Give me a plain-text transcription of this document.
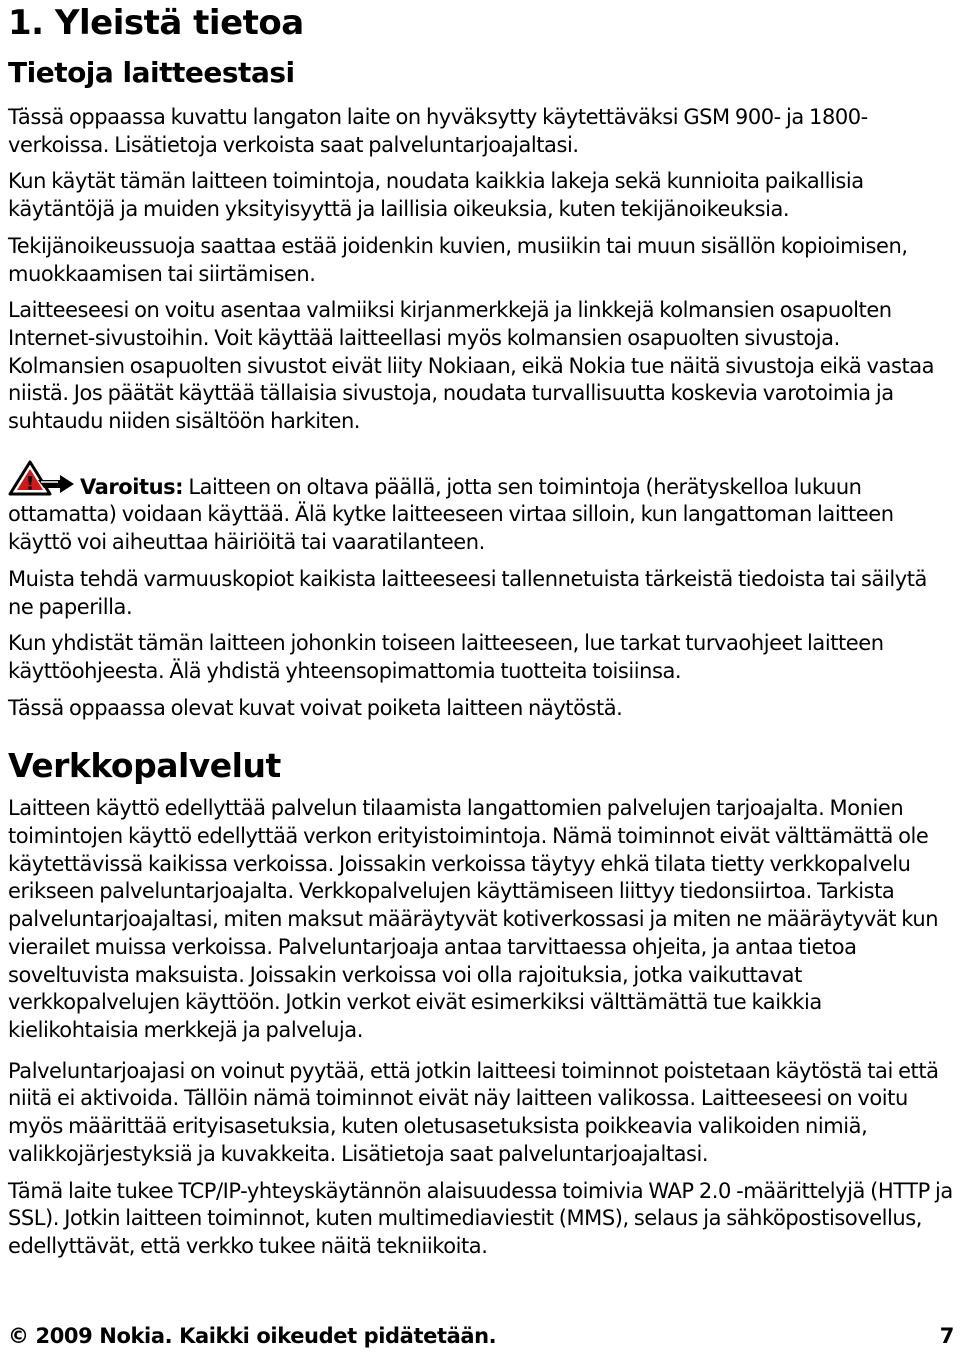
1. Yleistä tietoa
Tietoja laitteestasi

Tässä oppaassa kuvattu langaton laite on hyväksytty käytettäväksi GSM 900- ja 1800-verkoissa. Lisätietoja verkoista saat palveluntarjoajaltasi.

Kun käytät tämän laitteen toimintoja, noudata kaikkia lakeja sekä kunnioita paikallisia käytäntöjä ja muiden yksityisyyttä ja laillisia oikeuksia, kuten tekijänoikeuksia.

Tekijänoikeussuoja saattaa estää joidenkin kuvien, musiikin tai muun sisällön kopioimisen, muokkaamisen tai siirtämisen.

Laitteeseesi on voitu asentaa valmiiksi kirjanmerkkejä ja linkkejä kolmansien osapuolten Internet-sivustoihin. Voit käyttää laitteellasi myös kolmansien osapuolten sivustoja. Kolmansien osapuolten sivustot eivät liity Nokiaan, eikä Nokia tue näitä sivustoja eikä vastaa niistä. Jos päätät käyttää tällaisia sivustoja, noudata turvallisuutta koskevia varotoimia ja suhtaudu niiden sisältöön harkiten.

Varoitus: Laitteen on oltava päällä, jotta sen toimintoja (herätyskelloa lukuun ottamatta) voidaan käyttää. Älä kytke laitteeseen virtaa silloin, kun langattoman laitteen käyttö voi aiheuttaa häiriöitä tai vaaratilanteen.

Muista tehdä varmuuskopiot kaikista laitteeseesi tallennetuista tärkeistä tiedoista tai säilytä ne paperilla.

Kun yhdistät tämän laitteen johonkin toiseen laitteeseen, lue tarkat turvaohjeet laitteen käyttöohjeesta. Älä yhdistä yhteensopimattomia tuotteita toisiinsa.

Tässä oppaassa olevat kuvat voivat poiketa laitteen näytöstä.

Verkkopalvelut

Laitteen käyttö edellyttää palvelun tilaamista langattomien palvelujen tarjoajalta. Monien toimintojen käyttö edellyttää verkon erityistoimintoja. Nämä toiminnot eivät välttämättä ole käytettävissä kaikissa verkoissa. Joissakin verkoissa täytyy ehkä tilata tietty verkkopalvelu erikseen palveluntarjoajalta. Verkkopalvelujen käyttämiseen liittyy tiedonsiirtoa. Tarkista palveluntarjoajaltasi, miten maksut määräytyvät kotiverkossasi ja miten ne määräytyvät kun vierailet muissa verkoissa. Palveluntarjoaja antaa tarvittaessa ohjeita, ja antaa tietoa soveltuvista maksuista. Joissakin verkoissa voi olla rajoituksia, jotka vaikuttavat verkkopalvelujen käyttöön. Jotkin verkot eivät esimerkiksi välttämättä tue kaikkia kielikohtaisia merkkejä ja palveluja.

Palveluntarjoajasi on voinut pyytää, että jotkin laitteesi toiminnot poistetaan käytöstä tai että niitä ei aktivoida. Tällöin nämä toiminnot eivät näy laitteen valikossa. Laitteeseesi on voitu myös määrittää erityisasetuksia, kuten oletusasetuksista poikkeavia valikoiden nimiä, valikkojärjestyksiä ja kuvakkeita. Lisätietoja saat palveluntarjoajaltasi.

Tämä laite tukee TCP/IP-yhteyskäytännön alaisuudessa toimivia WAP 2.0 -määrittelyjä (HTTP ja SSL). Jotkin laitteen toiminnot, kuten multimediaviestit (MMS), selaus ja sähköpostisovellus, edellyttävät, että verkko tukee näitä tekniikoita.

© 2009 Nokia. Kaikki oikeudet pidätetään.	7
